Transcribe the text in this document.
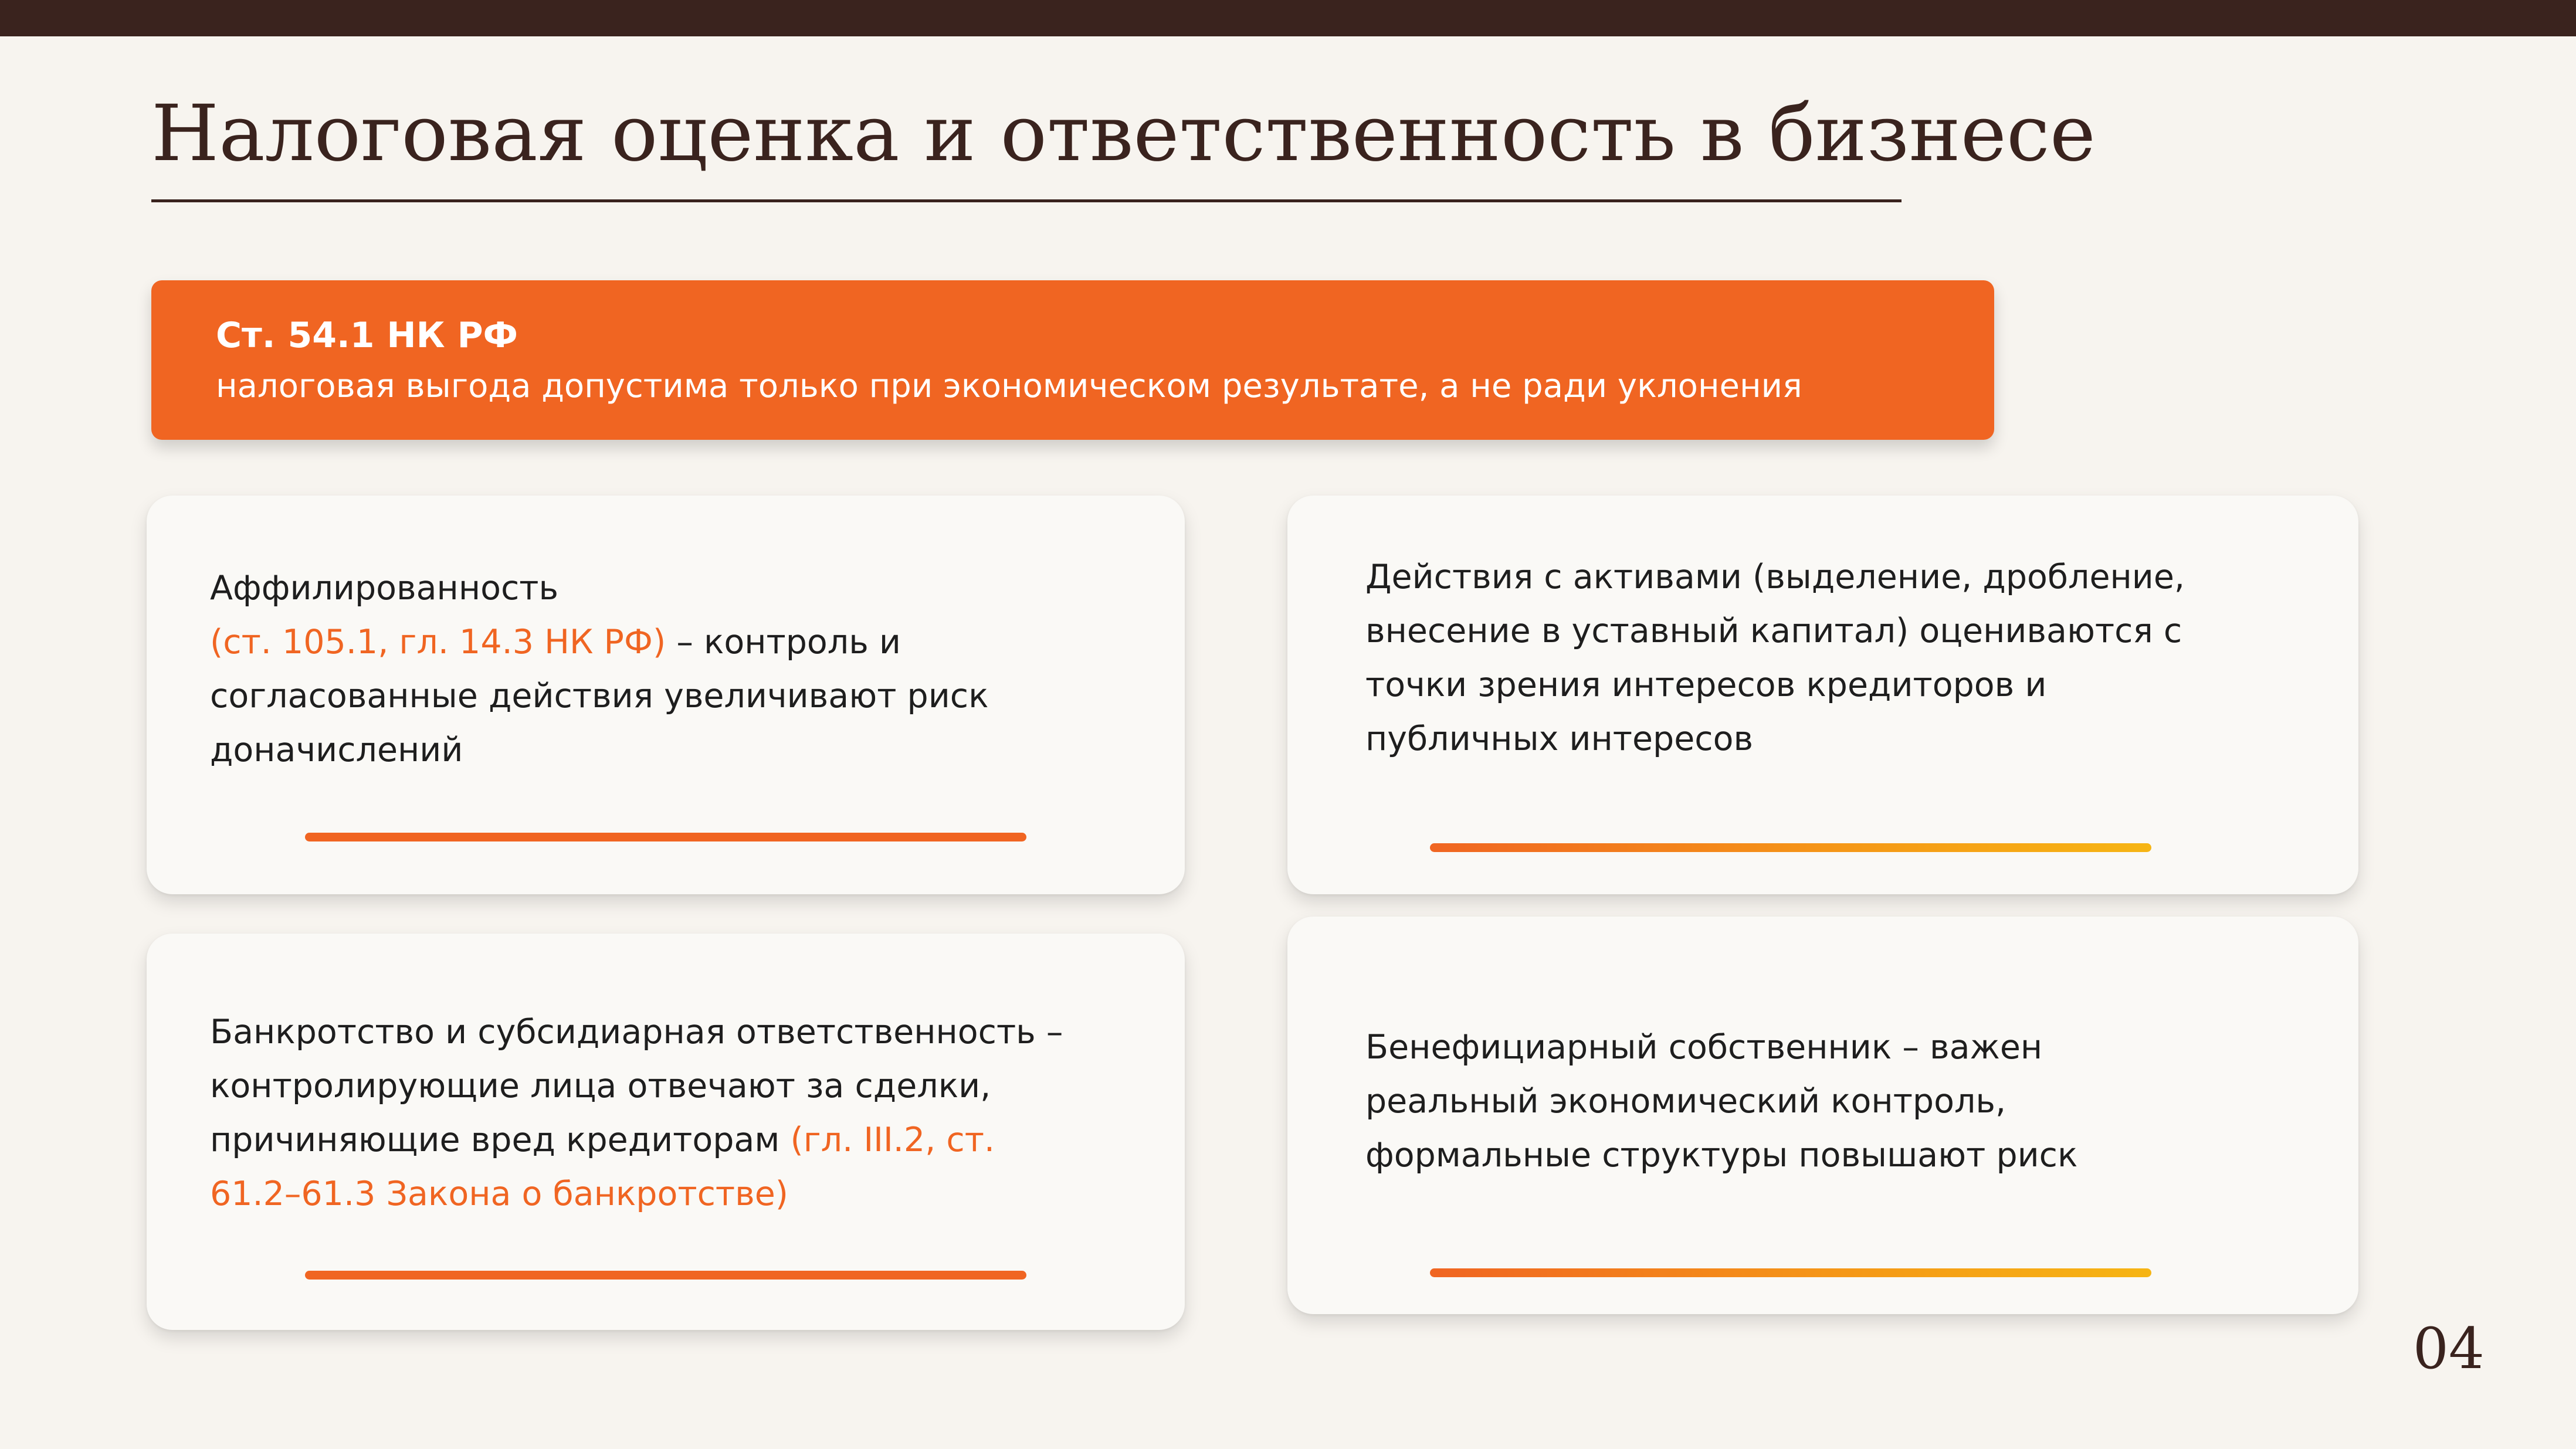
Налоговая оценка и ответственность в бизнесе
Ст. 54.1 НК РФ
налоговая выгода допустима только при экономическом результате, а не ради уклонения
Аффилированность
(ст. 105.1, гл. 14.3 НК РФ) – контроль и
согласованные действия увеличивают риск
доначислений
Действия с активами (выделение, дробление,
внесение в уставный капитал) оцениваются с
точки зрения интересов кредиторов и
публичных интересов
Банкротство и субсидиарная ответственность –
контролирующие лица отвечают за сделки,
причиняющие вред кредиторам (гл. III.2, ст.
61.2–61.3 Закона о банкротстве)
Бенефициарный собственник – важен
реальный экономический контроль,
формальные структуры повышают риск
04
